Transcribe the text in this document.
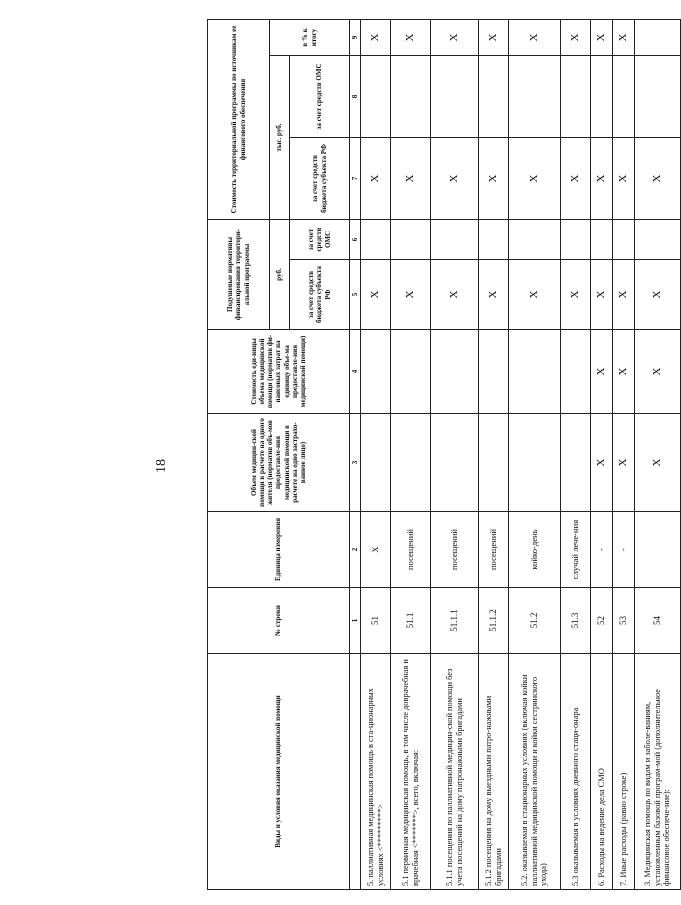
18
Виды и условия оказания медицинской помощи	№ строки	Единица измерения	Объем медицин-ской помощи в расчете на одного жителя (норматив объ-мов предоставле-ния медицинской помощи в расчете на одно застрахо-ванное лицо)	Стоимость еди-ницы объема медицинской помощи (норматив фи-нансовых затрат на единицу объе-ма предоставле-ния медицинской помощи)	Подушевые нормативы финансирования территори-альной программы		Стоимость территориальной программы по источникам ее финансового обеспечения		
					руб.		тыс. руб.		в % к итогу
					за счет средств бюджета субъекта РФ	за счет средств ОМС	за счет средств бюджета субъекта РФ	за счет средств ОМС	
	1	2	3	4	5	6	7	8	9
5. паллиативная медицинская помощь в ста-ционарных условиях <*********>	51	Х			Х		Х		Х
5.1 первичная медицинская помощь, в том числе доврачебная и врачебная <*******>, всего, включая:	51.1	посещений			Х		Х		Х
5.1.1 посещения по паллиативной медицин-ской помощи без учета посещений на дому патронажными бригадами	51.1.1	посещений			Х		Х		Х
5.1.2 посещения на дому выездными патро-нажными бригадами	51.1.2	посещений			Х		Х		Х
5.2. оказываемая в стационарных условиях (включая койки паллиативной медицинской помощи и койки сестринского ухода)	51.2	койко-день			Х		Х		Х
5.3 оказываемая в условиях дневного стаци-онара	51.3	случай лече-ния			Х		Х		Х
6. Расходы на ведение дела СМО	52	-	Х	Х	Х		Х		Х
7. Иные расходы (равно строке)	53	-	Х	Х	Х		Х		Х
3. Медицинская помощь по видам и заболе-ваниям, установленным базовой програм-мой (дополнительное финансовое обеспече-ние):	54		Х	Х	Х		Х		
